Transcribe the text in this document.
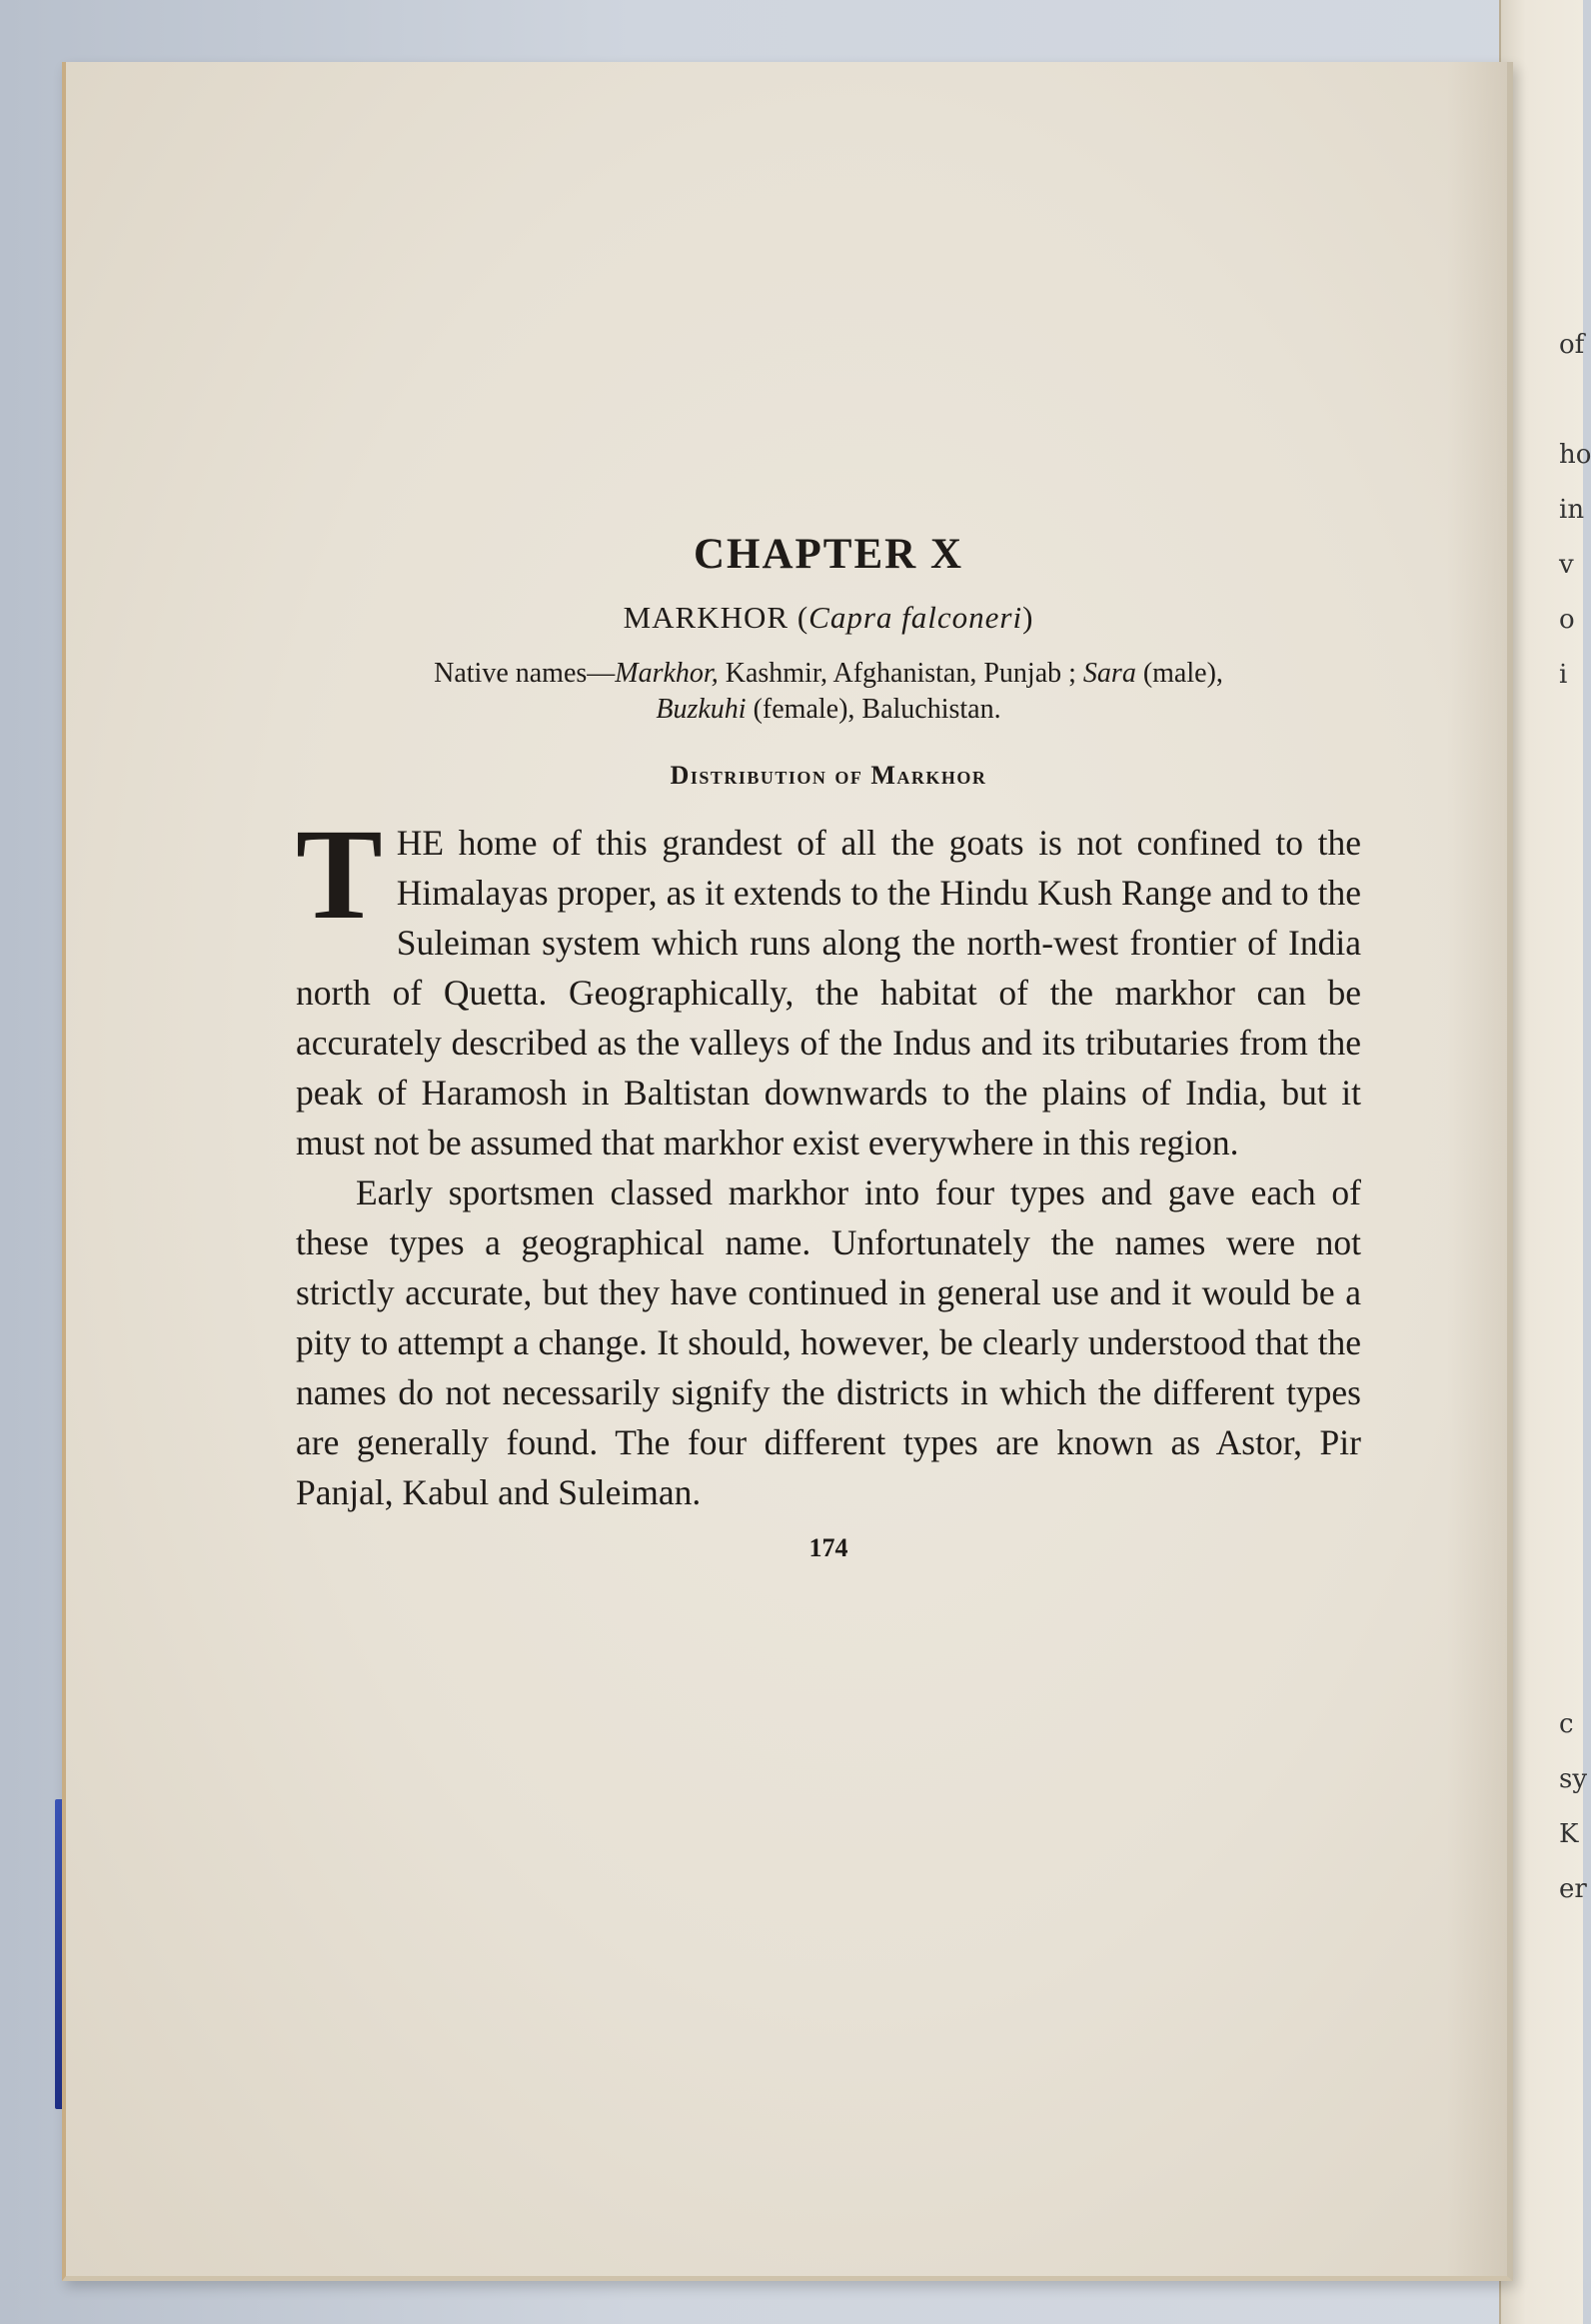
of
ho
in
v
o
i
c
sy
K
er
CHAPTER X

MARKHOR (Capra falconeri)

Native names—Markhor, Kashmir, Afghanistan, Punjab ; Sara (male),
Buzkuhi (female), Baluchistan.

Distribution of Markhor

THE home of this grandest of all the goats is not confined to the Himalayas proper, as it extends to the Hindu Kush Range and to the Suleiman system which runs along the north-west frontier of India north of Quetta. Geographically, the habitat of the markhor can be accurately described as the valleys of the Indus and its tributaries from the peak of Haramosh in Baltistan downwards to the plains of India, but it must not be assumed that markhor exist everywhere in this region.

Early sportsmen classed markhor into four types and gave each of these types a geographical name. Unfortunately the names were not strictly accurate, but they have continued in general use and it would be a pity to attempt a change. It should, however, be clearly understood that the names do not necessarily signify the districts in which the different types are generally found. The four different types are known as Astor, Pir Panjal, Kabul and Suleiman.

174
